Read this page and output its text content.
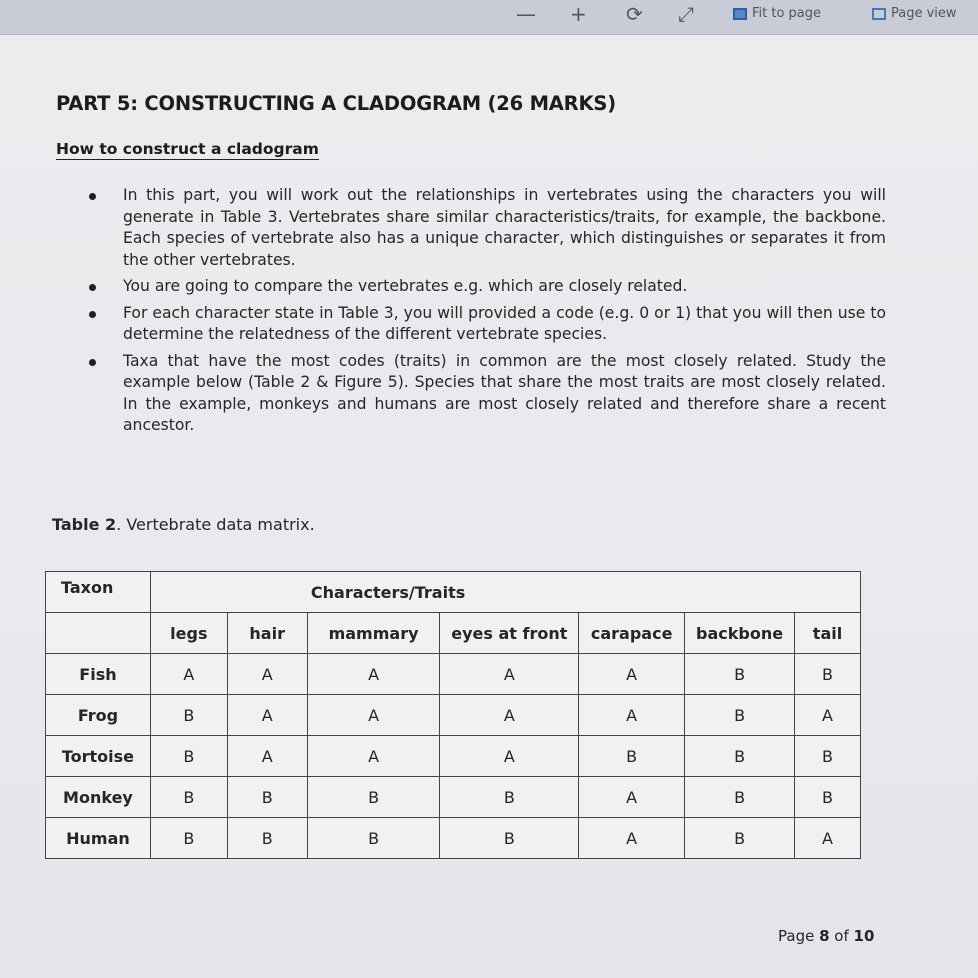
— + ⟳ ⤢	Fit to page	Page view
PART 5: CONSTRUCTING A CLADOGRAM (26 MARKS)
How to construct a cladogram
In this part, you will work out the relationships in vertebrates using the characters you will generate in Table 3. Vertebrates share similar characteristics/traits, for example, the backbone. Each species of vertebrate also has a unique character, which distinguishes or separates it from the other vertebrates.
You are going to compare the vertebrates e.g. which are closely related.
For each character state in Table 3, you will provided a code (e.g. 0 or 1) that you will then use to determine the relatedness of the different vertebrate species.
Taxa that have the most codes (traits) in common are the most closely related. Study the example below (Table 2 & Figure 5). Species that share the most traits are most closely related. In the example, monkeys and humans are most closely related and therefore share a recent ancestor.
Table 2. Vertebrate data matrix.
Taxon	Characters/Traits						
	legs	hair	mammary	eyes at front	carapace	backbone	tail
Fish	A	A	A	A	A	B	B
Frog	B	A	A	A	A	B	A
Tortoise	B	A	A	A	B	B	B
Monkey	B	B	B	B	A	B	B
Human	B	B	B	B	A	B	A
Page 8 of 10
